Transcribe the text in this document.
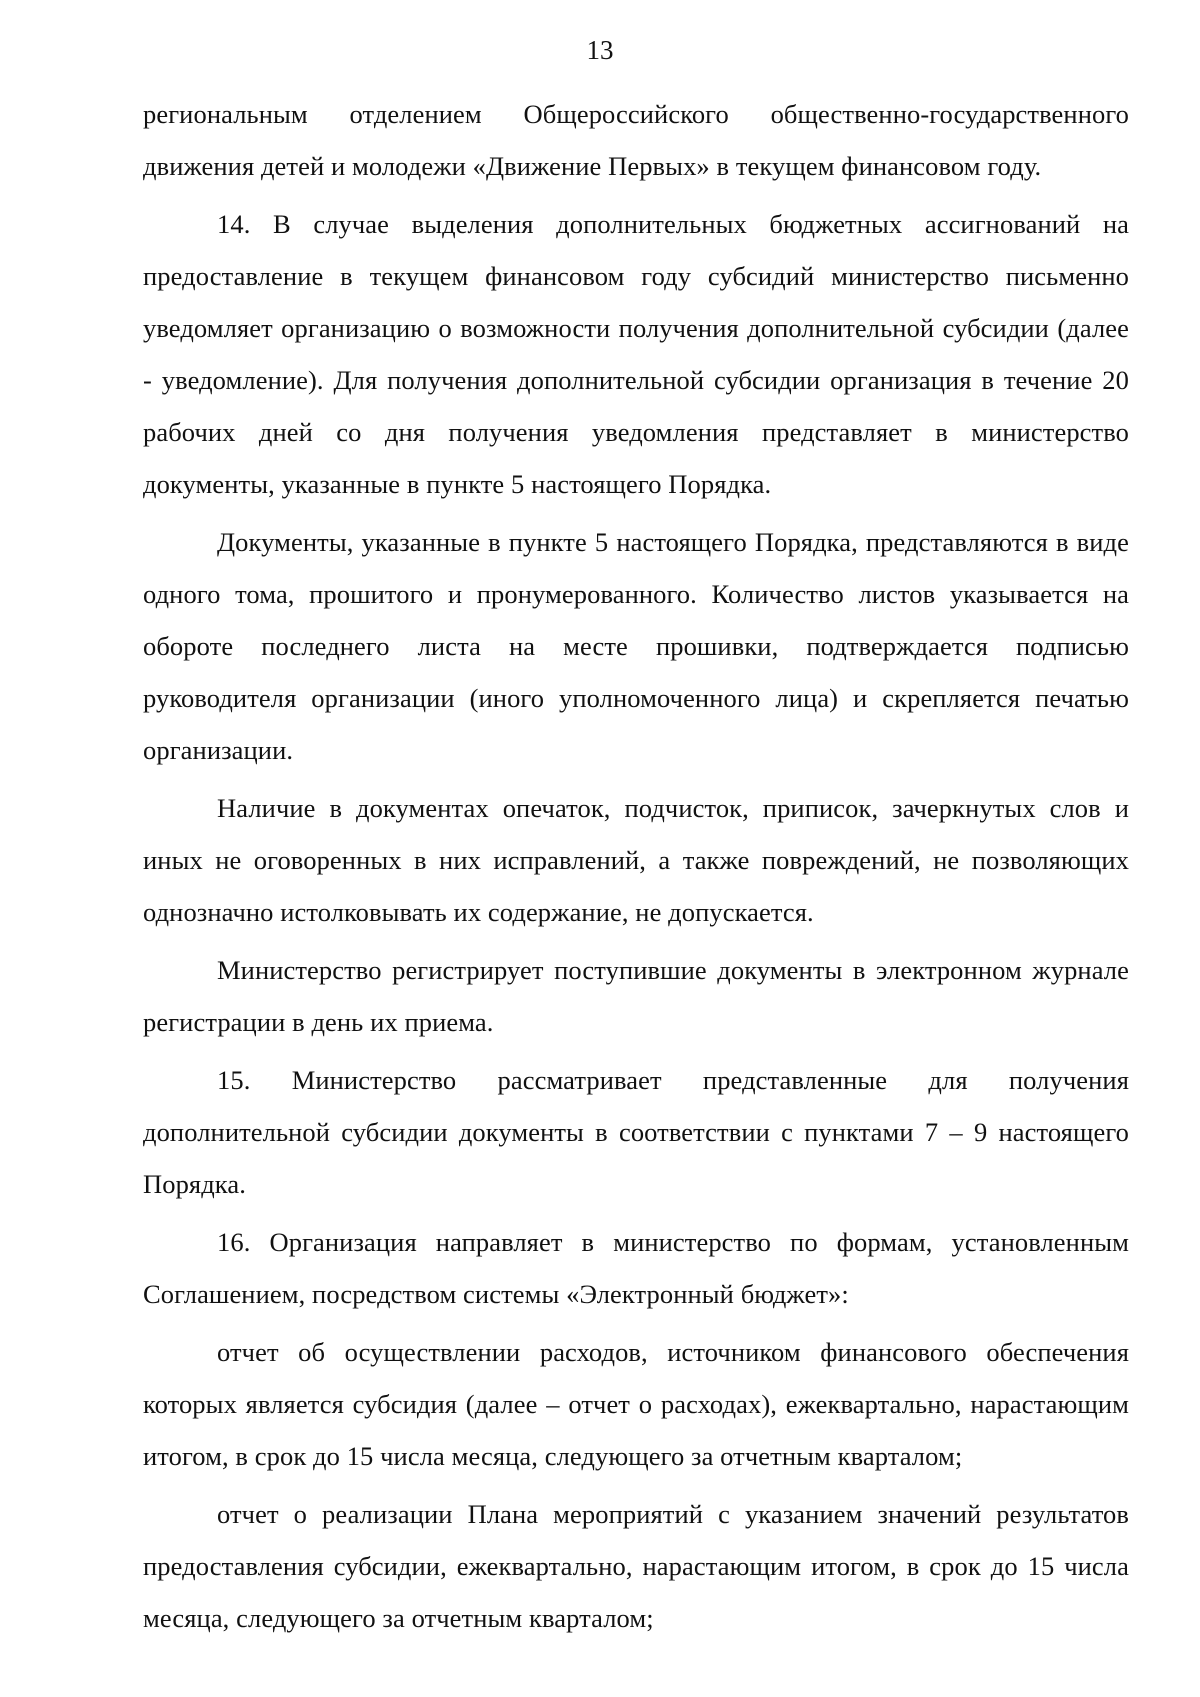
13

региональным отделением Общероссийского общественно-государственного движения детей и молодежи «Движение Первых» в текущем финансовом году.

14. В случае выделения дополнительных бюджетных ассигнований на предоставление в текущем финансовом году субсидий министерство письменно уведомляет организацию о возможности получения дополнительной субсидии (далее - уведомление). Для получения дополнительной субсидии организация в течение 20 рабочих дней со дня получения уведомления представляет в министерство документы, указанные в пункте 5 настоящего Порядка.

Документы, указанные в пункте 5 настоящего Порядка, представляются в виде одного тома, прошитого и пронумерованного. Количество листов указывается на обороте последнего листа на месте прошивки, подтверждается подписью руководителя организации (иного уполномоченного лица) и скрепляется печатью организации.

Наличие в документах опечаток, подчисток, приписок, зачеркнутых слов и иных не оговоренных в них исправлений, а также повреждений, не позволяющих однозначно истолковывать их содержание, не допускается.

Министерство регистрирует поступившие документы в электронном журнале регистрации в день их приема.

15. Министерство рассматривает представленные для получения дополнительной субсидии документы в соответствии с пунктами 7 – 9 настоящего Порядка.

16. Организация направляет в министерство по формам, установленным Соглашением, посредством системы «Электронный бюджет»:

отчет об осуществлении расходов, источником финансового обеспечения которых является субсидия (далее – отчет о расходах), ежеквартально, нарастающим итогом, в срок до 15 числа месяца, следующего за отчетным кварталом;

отчет о реализации Плана мероприятий с указанием значений результатов предоставления субсидии, ежеквартально, нарастающим итогом, в срок до 15 числа месяца, следующего за отчетным кварталом;
